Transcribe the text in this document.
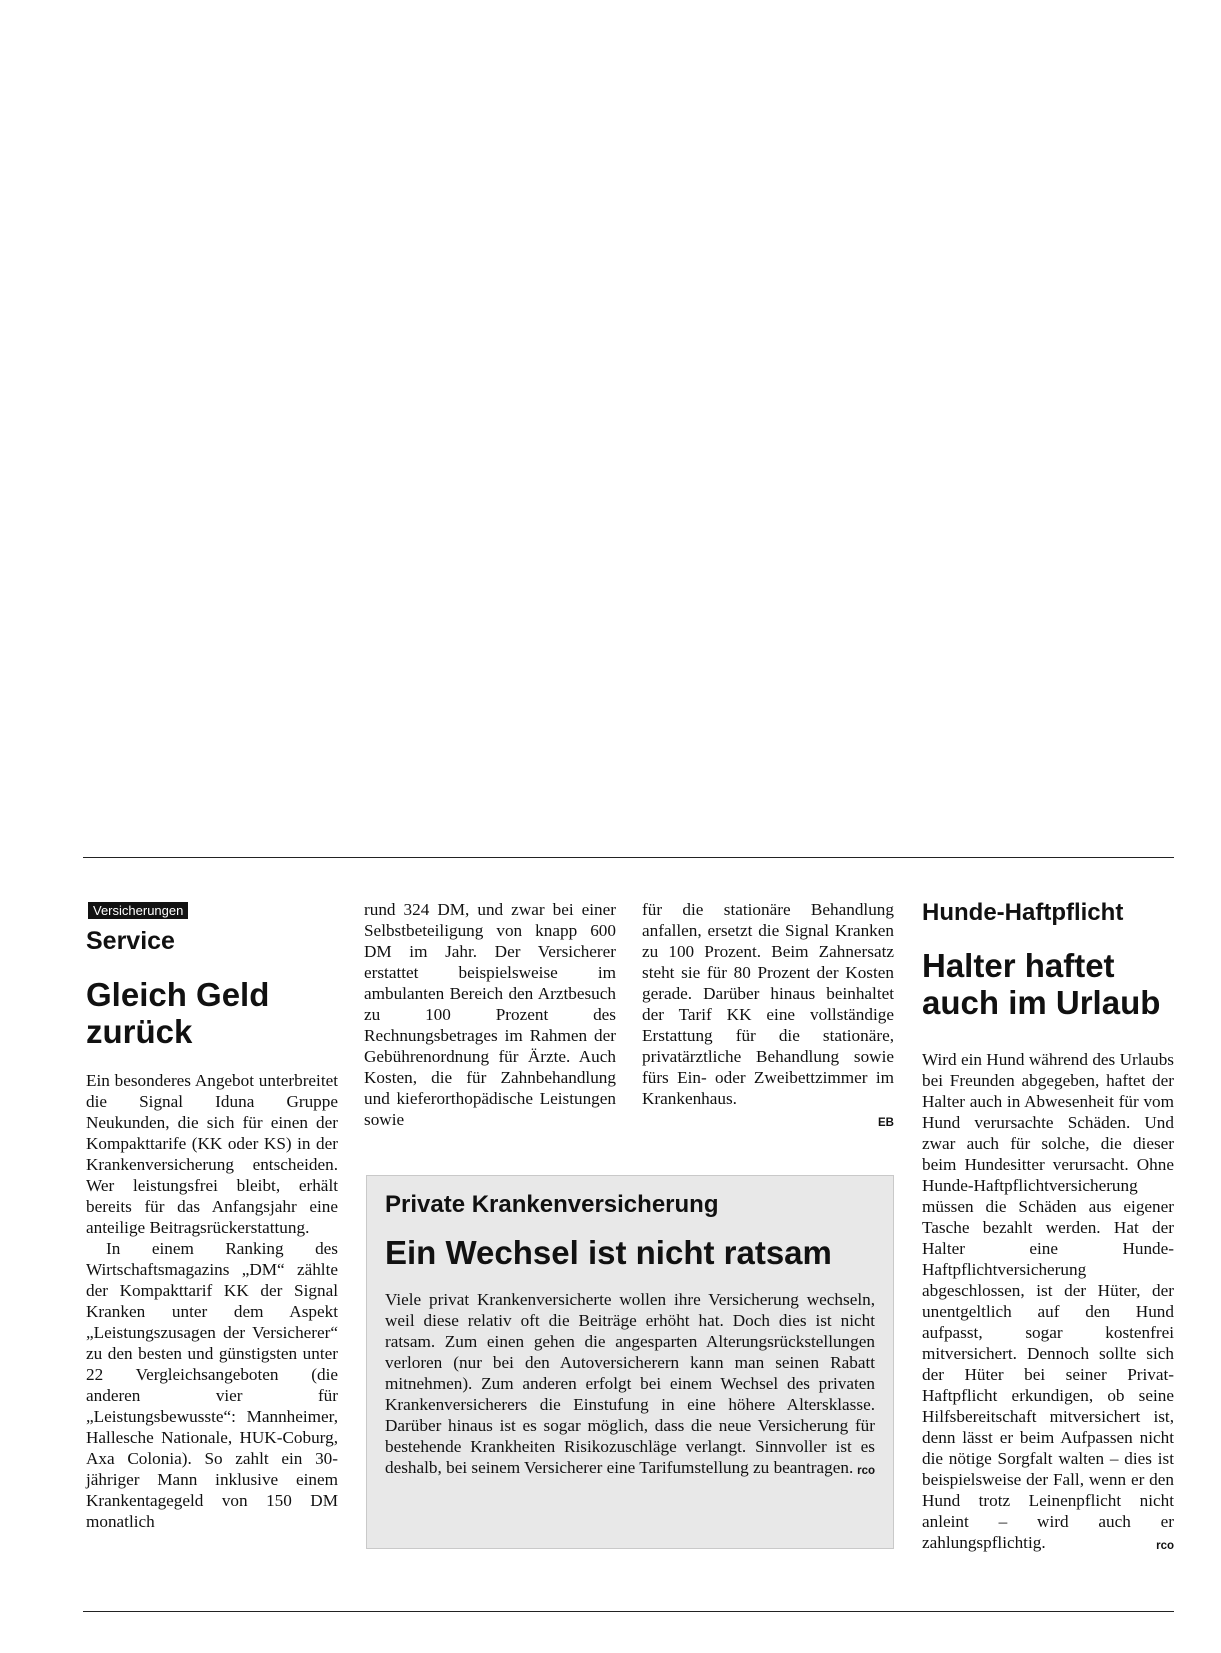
Versicherungen
Service
Gleich Geld zurück

Ein besonderes Angebot unterbreitet die Signal Iduna Gruppe Neukunden, die sich für einen der Kompakttarife (KK oder KS) in der Krankenversicherung entscheiden. Wer leistungsfrei bleibt, erhält bereits für das Anfangsjahr eine anteilige Beitragsrückerstattung.

In einem Ranking des Wirtschaftsmagazins „DM“ zählte der Kompakttarif KK der Signal Kranken unter dem Aspekt „Leistungszusagen der Versicherer“ zu den besten und günstigsten unter 22 Vergleichsangeboten (die anderen vier für „Leistungsbewusste“: Mannheimer, Hallesche Nationale, HUK-Coburg, Axa Colonia). So zahlt ein 30-jähriger Mann inklusive einem Krankentagegeld von 150 DM monatlich

rund 324 DM, und zwar bei einer Selbstbeteiligung von knapp 600 DM im Jahr. Der Versicherer erstattet beispielsweise im ambulanten Bereich den Arztbesuch zu 100 Prozent des Rechnungsbetrages im Rahmen der Gebührenordnung für Ärzte. Auch Kosten, die für Zahnbehandlung und kieferorthopädische Leistungen sowie

für die stationäre Behandlung anfallen, ersetzt die Signal Kranken zu 100 Prozent. Beim Zahnersatz steht sie für 80 Prozent der Kosten gerade. Darüber hinaus beinhaltet der Tarif KK eine vollständige Erstattung für die stationäre, privatärztliche Behandlung sowie fürs Ein- oder Zweibettzimmer im Krankenhaus.

EB
Private Krankenversicherung
Ein Wechsel ist nicht ratsam
Viele privat Krankenversicherte wollen ihre Versicherung wechseln, weil diese relativ oft die Beiträge erhöht hat. Doch dies ist nicht ratsam. Zum einen gehen die angesparten Alterungsrückstellungen verloren (nur bei den Autoversicherern kann man seinen Rabatt mitnehmen). Zum anderen erfolgt bei einem Wechsel des privaten Krankenversicherers die Einstufung in eine höhere Altersklasse. Darüber hinaus ist es sogar möglich, dass die neue Versicherung für bestehende Krankheiten Risikozuschläge verlangt. Sinnvoller ist es deshalb, bei seinem Versicherer eine Tarifumstellung zu beantragen. rco
Hunde-Haftpflicht
Halter haftet auch im Urlaub

Wird ein Hund während des Urlaubs bei Freunden abgegeben, haftet der Halter auch in Abwesenheit für vom Hund verursachte Schäden. Und zwar auch für solche, die dieser beim Hundesitter verursacht. Ohne Hunde-Haftpflichtversicherung müssen die Schäden aus eigener Tasche bezahlt werden. Hat der Halter eine Hunde-Haftpflichtversicherung abgeschlossen, ist der Hüter, der unentgeltlich auf den Hund aufpasst, sogar kostenfrei mitversichert. Dennoch sollte sich der Hüter bei seiner Privat-Haftpflicht erkundigen, ob seine Hilfsbereitschaft mitversichert ist, denn lässt er beim Aufpassen nicht die nötige Sorgfalt walten – dies ist beispielsweise der Fall, wenn er den Hund trotz Leinenpflicht nicht anleint – wird auch er zahlungspflichtig.	rco
